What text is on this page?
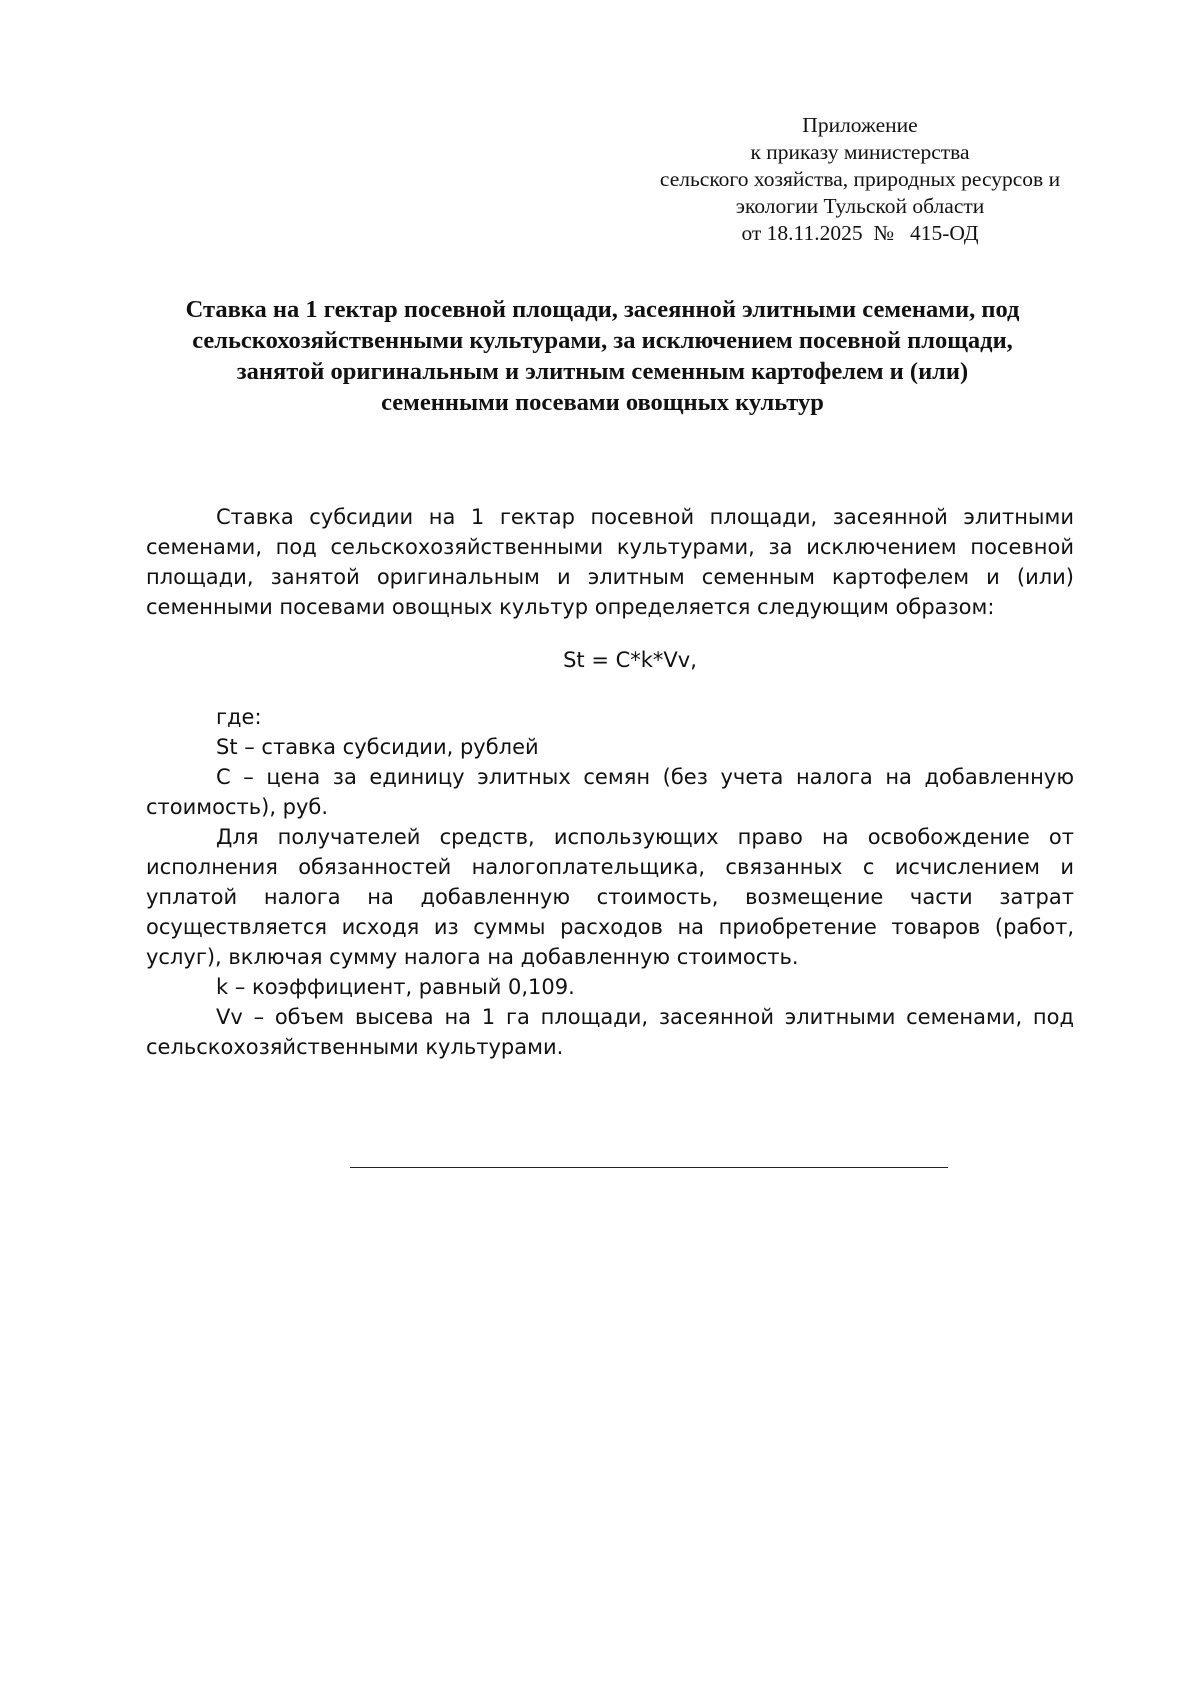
Приложение
к приказу министерства
сельского хозяйства, природных ресурсов и
экологии Тульской области
от 18.11.2025  №   415-ОД
Ставка на 1 гектар посевной площади, засеянной элитными семенами, под
сельскохозяйственными культурами, за исключением посевной площади,
занятой оригинальным и элитным семенным картофелем и (или)
семенными посевами овощных культур

Ставка субсидии на 1 гектар посевной площади, засеянной элитными семенами, под сельскохозяйственными культурами, за исключением посевной площади, занятой оригинальным и элитным семенным картофелем и (или) семенными посевами овощных культур определяется следующим образом:

St = C*k*Vv,

где:

St – ставка субсидии, рублей

C – цена за единицу элитных семян (без учета налога на добавленную стоимость), руб.

Для получателей средств, использующих право на освобождение от исполнения обязанностей налогоплательщика, связанных с исчислением и уплатой налога на добавленную стоимость, возмещение части затрат осуществляется исходя из суммы расходов на приобретение товаров (работ, услуг), включая сумму налога на добавленную стоимость.

k – коэффициент, равный 0,109.

Vv – объем высева на 1 га площади, засеянной элитными семенами, под сельскохозяйственными культурами.
